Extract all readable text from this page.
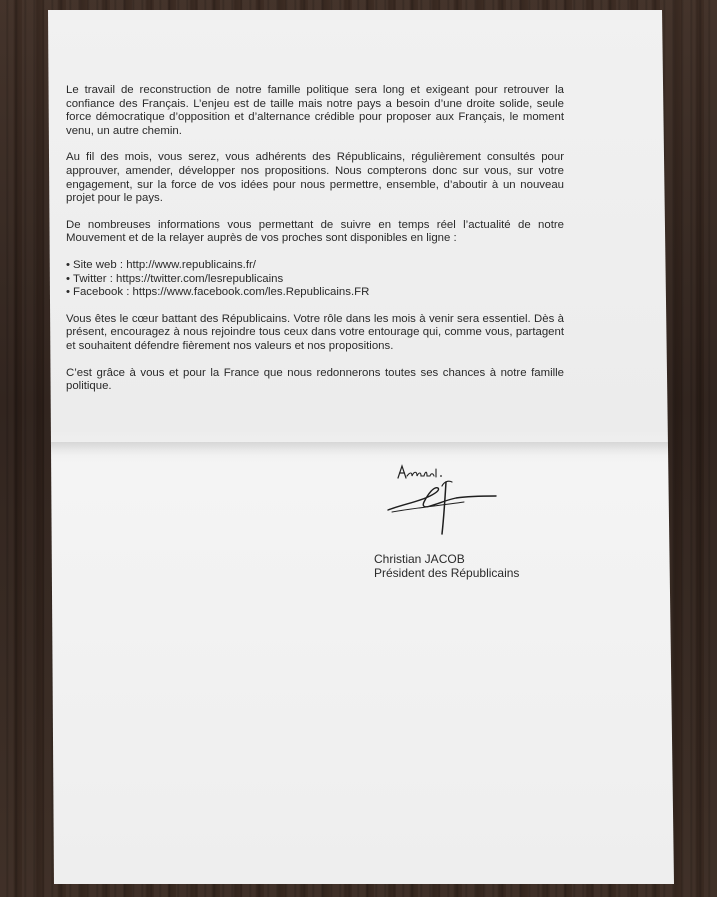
Le travail de reconstruction de notre famille politique sera long et exigeant pour retrouver la confiance des Français. L’enjeu est de taille mais notre pays a besoin d’une droite solide, seule force démocratique d’opposition et d’alternance crédible pour proposer aux Français, le moment venu, un autre chemin.

Au fil des mois, vous serez, vous adhérents des Républicains, régulièrement consultés pour approuver, amender, développer nos propositions. Nous compterons donc sur vous, sur votre engagement, sur la force de vos idées pour nous permettre, ensemble, d’aboutir à un nouveau projet pour le pays.

De nombreuses informations vous permettant de suivre en temps réel l’actualité de notre Mouvement et de la relayer auprès de vos proches sont disponibles en ligne :

• Site web : http://www.republicains.fr/
• Twitter : https://twitter.com/lesrepublicains
• Facebook : https://www.facebook.com/les.Republicains.FR

Vous êtes le cœur battant des Républicains. Votre rôle dans les mois à venir sera essentiel. Dès à présent, encouragez à nous rejoindre tous ceux dans votre entourage qui, comme vous, partagent et souhaitent défendre fièrement nos valeurs et nos propositions.

C’est grâce à vous et pour la France que nous redonnerons toutes ses chances à notre famille politique.

Christian JACOB
Président des Républicains
